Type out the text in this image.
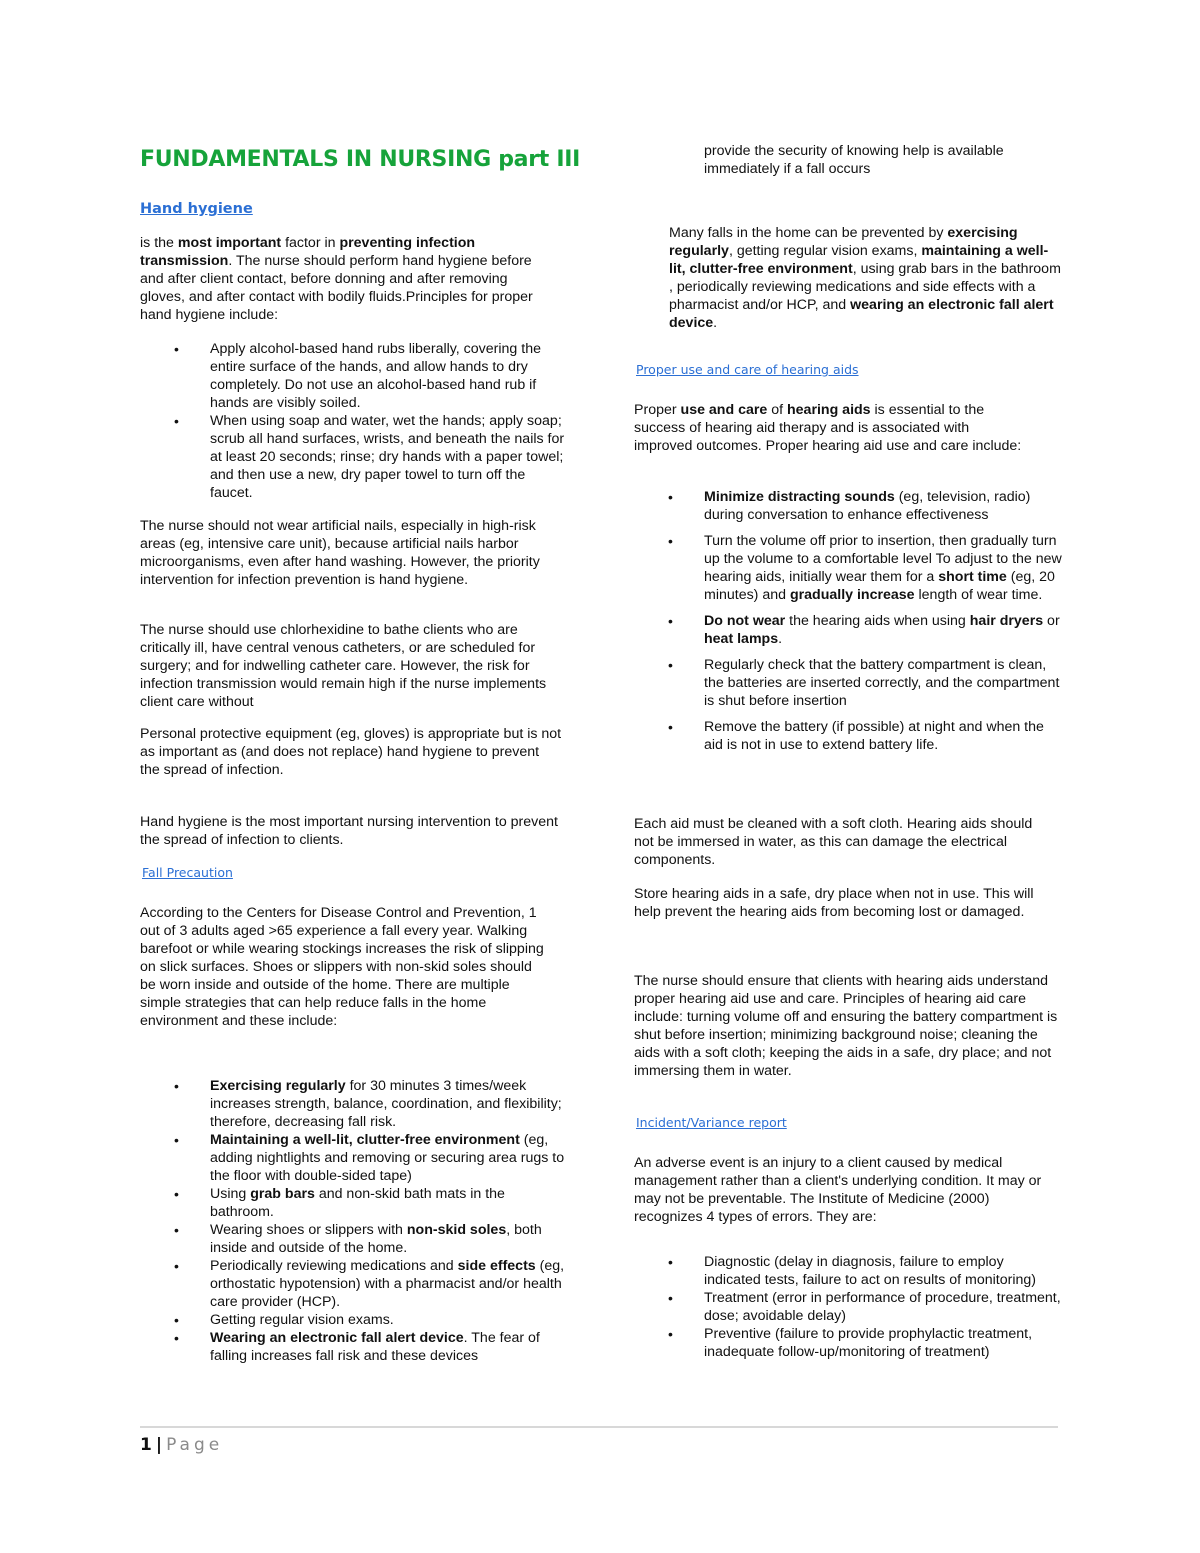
FUNDAMENTALS IN NURSING part III
Hand hygiene

is the most important factor in preventing infection transmission. The nurse should perform hand hygiene before and after client contact, before donning and after removing gloves, and after contact with bodily fluids.Principles for proper hand hygiene include:

• Apply alcohol-based hand rubs liberally, covering the entire surface of the hands, and allow hands to dry completely. Do not use an alcohol-based hand rub if hands are visibly soiled.
• When using soap and water, wet the hands; apply soap; scrub all hand surfaces, wrists, and beneath the nails for at least 20 seconds; rinse; dry hands with a paper towel; and then use a new, dry paper towel to turn off the faucet.

The nurse should not wear artificial nails, especially in high-risk areas (eg, intensive care unit), because artificial nails harbor microorganisms, even after hand washing. However, the priority intervention for infection prevention is hand hygiene.

The nurse should use chlorhexidine to bathe clients who are critically ill, have central venous catheters, or are scheduled for surgery; and for indwelling catheter care. However, the risk for infection transmission would remain high if the nurse implements client care without

Personal protective equipment (eg, gloves) is appropriate but is not as important as (and does not replace) hand hygiene to prevent the spread of infection.

Hand hygiene is the most important nursing intervention to prevent the spread of infection to clients.

Fall Precaution

According to the Centers for Disease Control and Prevention, 1 out of 3 adults aged >65 experience a fall every year. Walking barefoot or while wearing stockings increases the risk of slipping on slick surfaces. Shoes or slippers with non-skid soles should be worn inside and outside of the home. There are multiple simple strategies that can help reduce falls in the home environment and these include:

• Exercising regularly for 30 minutes 3 times/week increases strength, balance, coordination, and flexibility; therefore, decreasing fall risk.
• Maintaining a well-lit, clutter-free environment (eg, adding nightlights and removing or securing area rugs to the floor with double-sided tape)
• Using grab bars and non-skid bath mats in the bathroom.
• Wearing shoes or slippers with non-skid soles, both inside and outside of the home.
• Periodically reviewing medications and side effects (eg, orthostatic hypotension) with a pharmacist and/or health care provider (HCP).
• Getting regular vision exams.
• Wearing an electronic fall alert device. The fear of falling increases fall risk and these devices

provide the security of knowing help is available immediately if a fall occurs

Many falls in the home can be prevented by exercising regularly, getting regular vision exams, maintaining a well-lit, clutter-free environment, using grab bars in the bathroom , periodically reviewing medications and side effects with a pharmacist and/or HCP, and wearing an electronic fall alert device.

Proper use and care of hearing aids

Proper use and care of hearing aids is essential to the success of hearing aid therapy and is associated with improved outcomes. Proper hearing aid use and care include:

• Minimize distracting sounds (eg, television, radio) during conversation to enhance effectiveness
• Turn the volume off prior to insertion, then gradually turn up the volume to a comfortable level To adjust to the new hearing aids, initially wear them for a short time (eg, 20 minutes) and gradually increase length of wear time.
• Do not wear the hearing aids when using hair dryers or heat lamps.
• Regularly check that the battery compartment is clean, the batteries are inserted correctly, and the compartment is shut before insertion
• Remove the battery (if possible) at night and when the aid is not in use to extend battery life.

Each aid must be cleaned with a soft cloth. Hearing aids should not be immersed in water, as this can damage the electrical components.

Store hearing aids in a safe, dry place when not in use. This will help prevent the hearing aids from becoming lost or damaged.

The nurse should ensure that clients with hearing aids understand proper hearing aid use and care. Principles of hearing aid care include: turning volume off and ensuring the battery compartment is shut before insertion; minimizing background noise; cleaning the aids with a soft cloth; keeping the aids in a safe, dry place; and not immersing them in water.

Incident/Variance report

An adverse event is an injury to a client caused by medical management rather than a client's underlying condition. It may or may not be preventable. The Institute of Medicine (2000) recognizes 4 types of errors. They are:

• Diagnostic (delay in diagnosis, failure to employ indicated tests, failure to act on results of monitoring)
• Treatment (error in performance of procedure, treatment, dose; avoidable delay)
• Preventive (failure to provide prophylactic treatment, inadequate follow-up/monitoring of treatment)
1 | Page
